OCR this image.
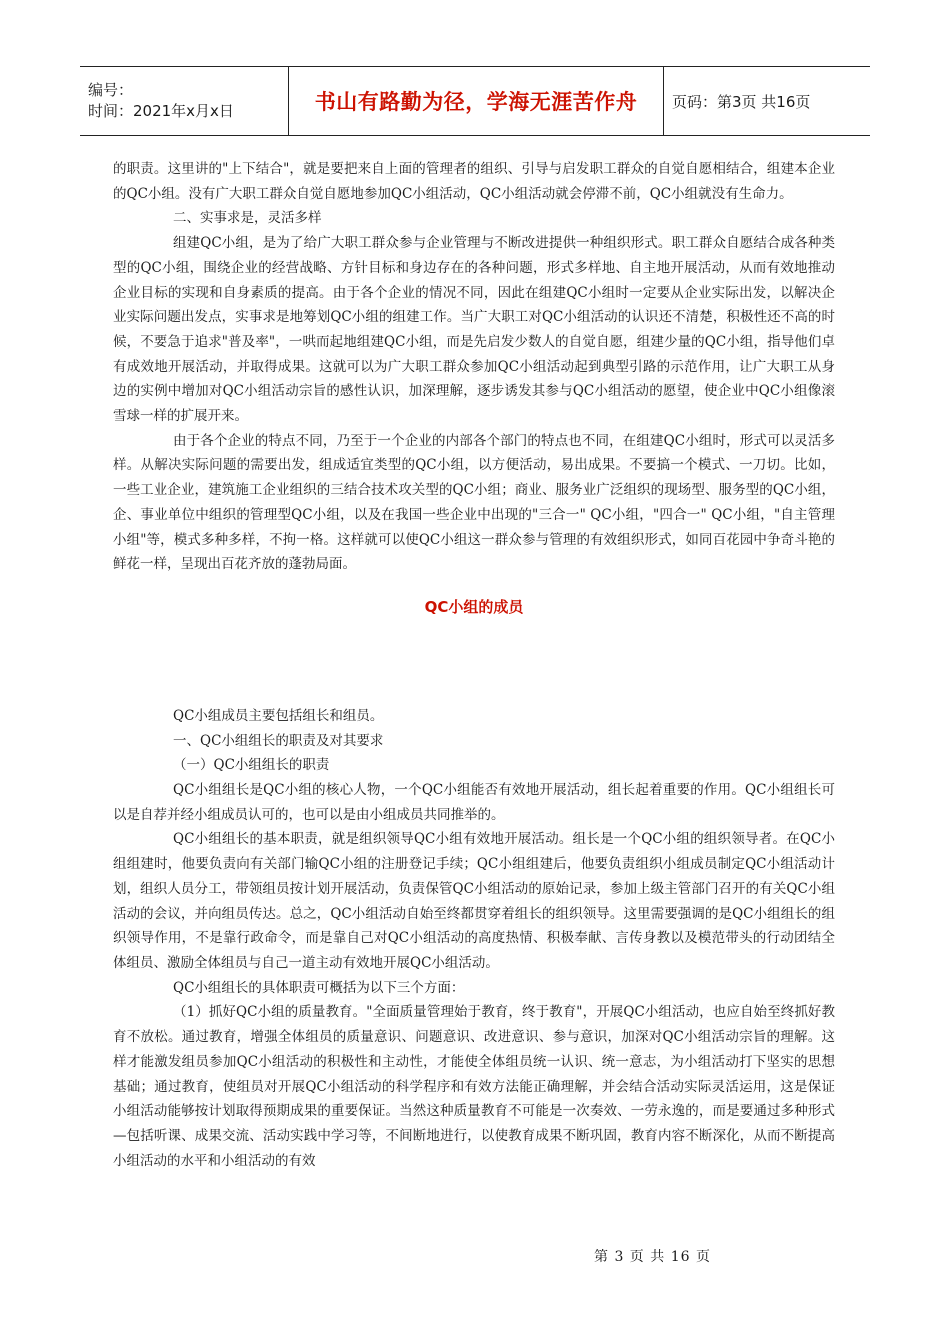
编号：
时间：2021年x月x日	书山有路勤为径，学海无涯苦作舟	页码：第3页 共16页

的职责。这里讲的"上下结合"，就是要把来自上面的管理者的组织、引导与启发职工群众的自觉自愿相结合，组建本企业的QC小组。没有广大职工群众自觉自愿地参加QC小组活动，QC小组活动就会停滞不前，QC小组就没有生命力。

二、实事求是，灵活多样

组建QC小组，是为了给广大职工群众参与企业管理与不断改进提供一种组织形式。职工群众自愿结合成各种类型的QC小组，围绕企业的经营战略、方针目标和身边存在的各种问题，形式多样地、自主地开展活动，从而有效地推动企业目标的实现和自身素质的提高。由于各个企业的情况不同，因此在组建QC小组时一定要从企业实际出发，以解决企业实际问题出发点，实事求是地筹划QC小组的组建工作。当广大职工对QC小组活动的认识还不清楚，积极性还不高的时候，不要急于追求"普及率"，一哄而起地组建QC小组，而是先启发少数人的自觉自愿，组建少量的QC小组，指导他们卓有成效地开展活动，并取得成果。这就可以为广大职工群众参加QC小组活动起到典型引路的示范作用，让广大职工从身边的实例中增加对QC小组活动宗旨的感性认识，加深理解，逐步诱发其参与QC小组活动的愿望，使企业中QC小组像滚雪球一样的扩展开来。

由于各个企业的特点不同，乃至于一个企业的内部各个部门的特点也不同，在组建QC小组时，形式可以灵活多样。从解决实际问题的需要出发，组成适宜类型的QC小组，以方便活动，易出成果。不要搞一个模式、一刀切。比如，一些工业企业，建筑施工企业组织的三结合技术攻关型的QC小组；商业、服务业广泛组织的现场型、服务型的QC小组，企、事业单位中组织的管理型QC小组，以及在我国一些企业中出现的"三合一" QC小组，"四合一" QC小组，"自主管理小组"等，模式多种多样，不拘一格。这样就可以使QC小组这一群众参与管理的有效组织形式，如同百花园中争奇斗艳的鲜花一样，呈现出百花齐放的蓬勃局面。

QC小组的成员

QC小组成员主要包括组长和组员。

一、QC小组组长的职责及对其要求

（一）QC小组组长的职责

QC小组组长是QC小组的核心人物，一个QC小组能否有效地开展活动，组长起着重要的作用。QC小组组长可以是自荐并经小组成员认可的，也可以是由小组成员共同推举的。

QC小组组长的基本职责，就是组织领导QC小组有效地开展活动。组长是一个QC小组的组织领导者。在QC小组组建时，他要负责向有关部门输QC小组的注册登记手续；QC小组组建后，他要负责组织小组成员制定QC小组活动计划，组织人员分工，带领组员按计划开展活动，负责保管QC小组活动的原始记录，参加上级主管部门召开的有关QC小组活动的会议，并向组员传达。总之，QC小组活动自始至终都贯穿着组长的组织领导。这里需要强调的是QC小组组长的组织领导作用，不是靠行政命令，而是靠自己对QC小组活动的高度热情、积极奉献、言传身教以及模范带头的行动团结全体组员、激励全体组员与自己一道主动有效地开展QC小组活动。

QC小组组长的具体职责可概括为以下三个方面：

（1）抓好QC小组的质量教育。"全面质量管理始于教育，终于教育"，开展QC小组活动，也应自始至终抓好教育不放松。通过教育，增强全体组员的质量意识、问题意识、改进意识、参与意识，加深对QC小组活动宗旨的理解。这样才能激发组员参加QC小组活动的积极性和主动性，才能使全体组员统一认识、统一意志，为小组活动打下坚实的思想基础；通过教育，使组员对开展QC小组活动的科学程序和有效方法能正确理解，并会结合活动实际灵活运用，这是保证小组活动能够按计划取得预期成果的重要保证。当然这种质量教育不可能是一次奏效、一劳永逸的，而是要通过多种形式—包括听课、成果交流、活动实践中学习等，不间断地进行，以使教育成果不断巩固，教育内容不断深化，从而不断提高小组活动的水平和小组活动的有效

第 3 页 共 16 页
